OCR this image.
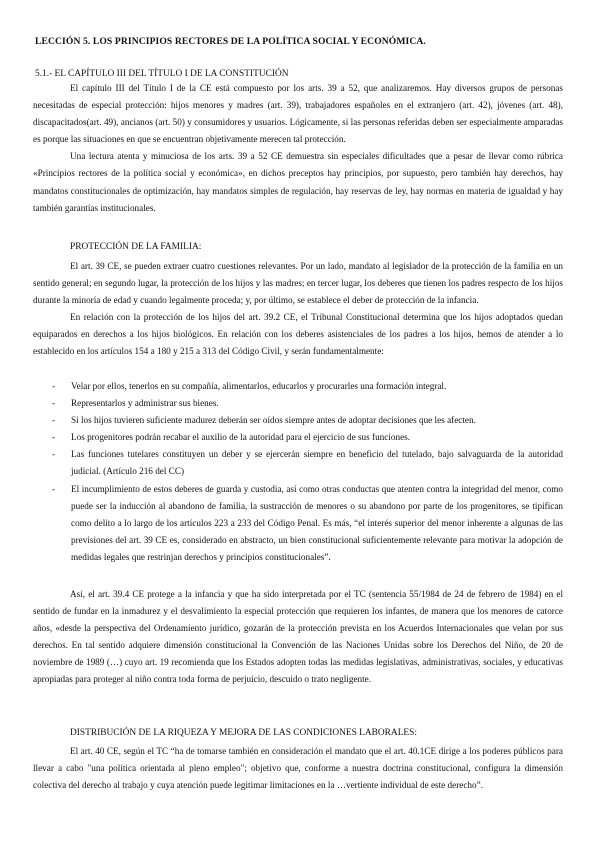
LECCIÓN 5. LOS PRINCIPIOS RECTORES DE LA POLÍTICA SOCIAL Y ECONÓMICA.
5.1.- EL CAPÍTULO III DEL TÍTULO I DE LA CONSTITUCIÓN

El capítulo III del Título I de la CE está compuesto por los arts. 39 a 52, que analizaremos. Hay diversos grupos de personas necesitadas de especial protección: hijos menores y madres (art. 39), trabajadores españoles en el extranjero (art. 42), jóvenes (art. 48), discapacitados(art. 49), ancianos (art. 50) y consumidores y usuarios. Lógicamente, si las personas referidas deben ser especialmente amparadas es porque las situaciones en que se encuentran objetivamente merecen tal protección.

Una lectura atenta y minuciosa de los arts. 39 a 52 CE demuestra sin especiales dificultades que a pesar de llevar como rúbrica «Principios rectores de la política social y económica», en dichos preceptos hay principios, por supuesto, pero también hay derechos, hay mandatos constitucionales de optimización, hay mandatos simples de regulación, hay reservas de ley, hay normas en materia de igualdad y hay también garantías institucionales.

PROTECCIÓN DE LA FAMILIA:

El art. 39 CE, se pueden extraer cuatro cuestiones relevantes. Por un lado, mandato al legislador de la protección de la familia en un sentido general; en segundo lugar, la protección de los hijos y las madres; en tercer lugar, los deberes que tienen los padres respecto de los hijos durante la minoría de edad y cuando legalmente proceda; y, por último, se establece el deber de protección de la infancia.

En relación con la protección de los hijos del art. 39.2 CE, el Tribunal Constitucional determina que los hijos adoptados quedan equiparados en derechos a los hijos biológicos. En relación con los deberes asistenciales de los padres a los hijos, hemos de atender a lo establecido en los artículos 154 a 180 y 215 a 313 del Código Civil, y serán fundamentalmente:

- Velar por ellos, tenerlos en su compañía, alimentarlos, educarlos y procurarles una formación integral.
- Representarlos y administrar sus bienes.
- Si los hijos tuvieren suficiente madurez deberán ser oídos siempre antes de adoptar decisiones que les afecten.
- Los progenitores podrán recabar el auxilio de la autoridad para el ejercicio de sus funciones.
- Las funciones tutelares constituyen un deber y se ejercerán siempre en beneficio del tutelado, bajo salvaguarda de la autoridad judicial. (Artículo 216 del CC)
- El incumplimiento de estos deberes de guarda y custodia, así como otras conductas que atenten contra la integridad del menor, como puede ser la inducción al abandono de familia, la sustracción de menores o su abandono por parte de los progenitores, se tipifican como delito a lo largo de los artículos 223 a 233 del Código Penal. Es más, “el interés superior del menor inherente a algunas de las previsiones del art. 39 CE es, considerado en abstracto, un bien constitucional suficientemente relevante para motivar la adopción de medidas legales que restrinjan derechos y principios constitucionales”.

Así, el art. 39.4 CE protege a la infancia y que ha sido interpretada por el TC (sentencia 55/1984 de 24 de febrero de 1984) en el sentido de fundar en la inmadurez y el desvalimiento la especial protección que requieren los infantes, de manera que los menores de catorce años, «desde la perspectiva del Ordenamiento jurídico, gozarán de la protección prevista en los Acuerdos Internacionales que velan por sus derechos. En tal sentido adquiere dimensión constitucional la Convención de las Naciones Unidas sobre los Derechos del Niño, de 20 de noviembre de 1989 (…) cuyo art. 19 recomienda que los Estados adopten todas las medidas legislativas, administrativas, sociales, y educativas apropiadas para proteger al niño contra toda forma de perjuicio, descuido o trato negligente.

DISTRIBUCIÓN DE LA RIQUEZA Y MEJORA DE LAS CONDICIONES LABORALES:

El art. 40 CE, según el TC “ha de tomarse también en consideración el mandato que el art. 40.1CE dirige a los poderes públicos para llevar a cabo "una política orientada al pleno empleo"; objetivo que, conforme a nuestra doctrina constitucional, configura la dimensión colectiva del derecho al trabajo y cuya atención puede legitimar limitaciones en la …vertiente individual de este derecho”.
